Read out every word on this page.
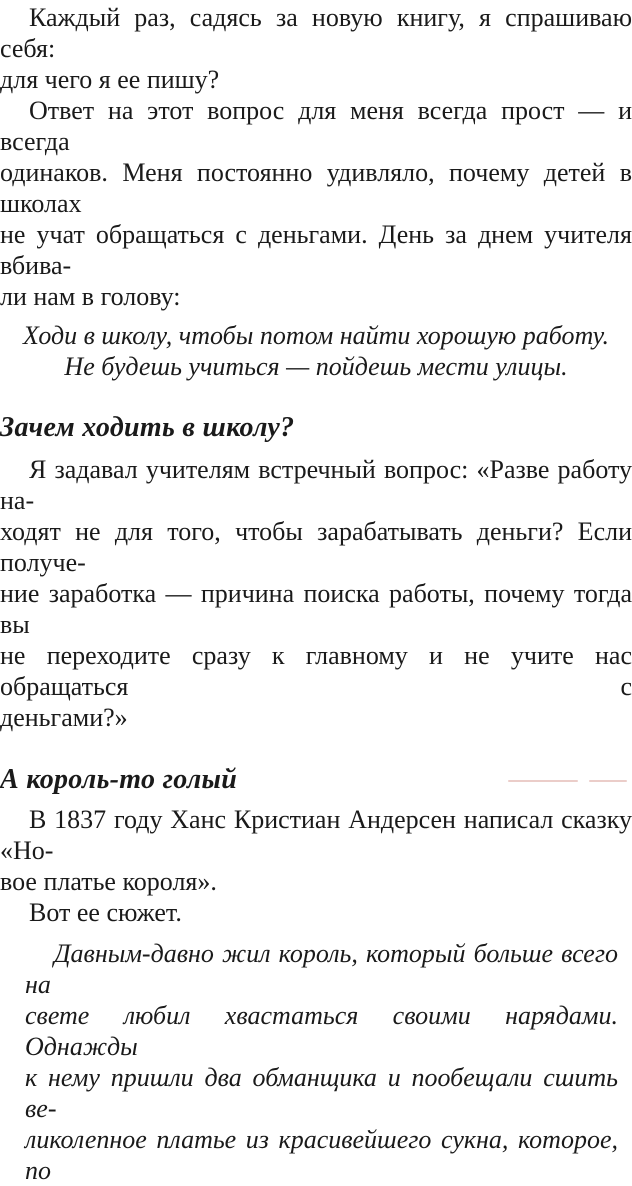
Каждый раз, садясь за новую книгу, я спрашиваю себя:
для чего я ее пишу?
Ответ на этот вопрос для меня всегда прост — и всегда
одинаков. Меня постоянно удивляло, почему детей в школах
не учат обращаться с деньгами. День за днем учителя вбива-
ли нам в голову:
Ходи в школу, чтобы потом найти хорошую работу.
Не будешь учиться — пойдешь мести улицы.
Зачем ходить в школу?
Я задавал учителям встречный вопрос: «Разве работу на-
ходят не для того, чтобы зарабатывать деньги? Если получе-
ние заработка — причина поиска работы, почему тогда вы
не переходите сразу к главному и не учите нас обращаться с
деньгами?»
А король-то голый
В 1837 году Ханс Кристиан Андерсен написал сказку «Но-
вое платье короля».
Вот ее сюжет.
Давным-давно жил король, который больше всего на
свете любил хвастаться своими нарядами. Однажды
к нему пришли два обманщика и пообещали сшить ве-
ликолепное платье из красивейшего сукна, которое, по
